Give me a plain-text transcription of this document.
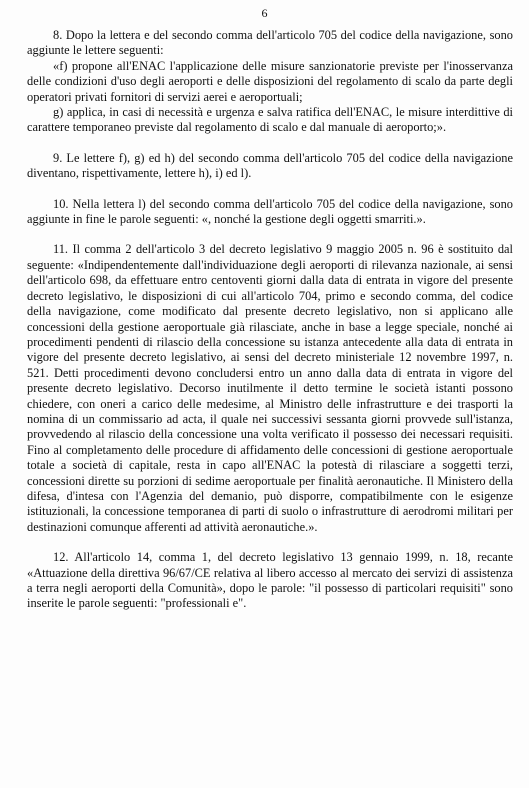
6

8. Dopo la lettera e del secondo comma dell'articolo 705 del codice della navigazione, sono aggiunte le lettere seguenti:

«f) propone all'ENAC l'applicazione delle misure sanzionatorie previste per l'inosservanza delle condizioni d'uso degli aeroporti e delle disposizioni del regolamento di scalo da parte degli operatori privati fornitori di servizi aerei e aeroportuali;

g) applica, in casi di necessità e urgenza e salva ratifica dell'ENAC, le misure interdittive di carattere temporaneo previste dal regolamento di scalo e dal manuale di aeroporto;».

9. Le lettere f), g) ed h) del secondo comma dell'articolo 705 del codice della navigazione diventano, rispettivamente, lettere h), i) ed l).

10. Nella lettera l) del secondo comma dell'articolo 705 del codice della navigazione, sono aggiunte in fine le parole seguenti: «, nonché la gestione degli oggetti smarriti.».

11. Il comma 2 dell'articolo 3 del decreto legislativo 9 maggio 2005 n. 96 è sostituito dal seguente: «Indipendentemente dall'individuazione degli aeroporti di rilevanza nazionale, ai sensi dell'articolo 698, da effettuare entro centoventi giorni dalla data di entrata in vigore del presente decreto legislativo, le disposizioni di cui all'articolo 704, primo e secondo comma, del codice della navigazione, come modificato dal presente decreto legislativo, non si applicano alle concessioni della gestione aeroportuale già rilasciate, anche in base a legge speciale, nonché ai procedimenti pendenti di rilascio della concessione su istanza antecedente alla data di entrata in vigore del presente decreto legislativo, ai sensi del decreto ministeriale 12 novembre 1997, n. 521. Detti procedimenti devono concludersi entro un anno dalla data di entrata in vigore del presente decreto legislativo. Decorso inutilmente il detto termine le società istanti possono chiedere, con oneri a carico delle medesime, al Ministro delle infrastrutture e dei trasporti la nomina di un commissario ad acta, il quale nei successivi sessanta giorni provvede sull'istanza, provvedendo al rilascio della concessione una volta verificato il possesso dei necessari requisiti. Fino al completamento delle procedure di affidamento delle concessioni di gestione aeroportuale totale a società di capitale, resta in capo all'ENAC la potestà di rilasciare a soggetti terzi, concessioni dirette su porzioni di sedime aeroportuale per finalità aeronautiche. Il Ministero della difesa, d'intesa con l'Agenzia del demanio, può disporre, compatibilmente con le esigenze istituzionali, la concessione temporanea di parti di suolo o infrastrutture di aerodromi militari per destinazioni comunque afferenti ad attività aeronautiche.».

12. All'articolo 14, comma 1, del decreto legislativo 13 gennaio 1999, n. 18, recante «Attuazione della direttiva 96/67/CE relativa al libero accesso al mercato dei servizi di assistenza a terra negli aeroporti della Comunità», dopo le parole: "il possesso di particolari requisiti" sono inserite le parole seguenti: "professionali e".
